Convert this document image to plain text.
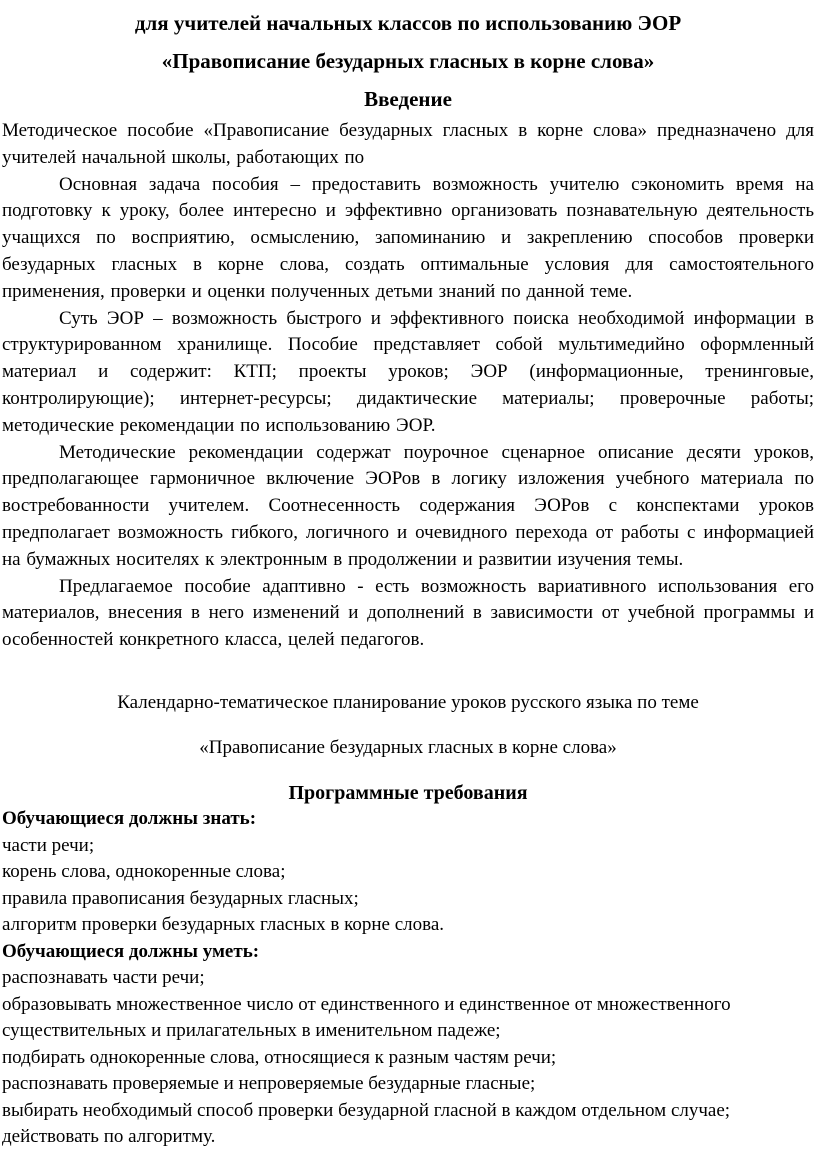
для учителей начальных классов по использованию ЭОР
«Правописание безударных гласных в корне слова»
Введение

Методическое пособие «Правописание безударных гласных в корне слова» предназначено для учителей начальной школы, работающих по

Основная задача пособия – предоставить возможность учителю сэкономить время на подготовку к уроку, более интересно и эффективно организовать познавательную деятельность учащихся по восприятию, осмыслению, запоминанию и закреплению способов проверки безударных гласных в корне слова, создать оптимальные условия для самостоятельного применения, проверки и оценки полученных детьми знаний по данной теме.

Суть ЭОР – возможность быстрого и эффективного поиска необходимой информации в структурированном хранилище. Пособие представляет собой мультимедийно оформленный материал и содержит: КТП; проекты уроков; ЭОР (информационные, тренинговые, контролирующие); интернет-ресурсы; дидактические материалы; проверочные работы; методические рекомендации по использованию ЭОР.

Методические рекомендации содержат поурочное сценарное описание десяти уроков, предполагающее гармоничное включение ЭОРов в логику изложения учебного материала по востребованности учителем. Соотнесенность содержания ЭОРов с конспектами уроков предполагает возможность гибкого, логичного и очевидного перехода от работы с информацией на бумажных носителях к электронным в продолжении и развитии изучения темы.

Предлагаемое пособие адаптивно - есть возможность вариативного использования его материалов, внесения в него изменений и дополнений в зависимости от учебной программы и особенностей конкретного класса, целей педагогов.

Календарно-тематическое планирование уроков русского языка по теме
«Правописание безударных гласных в корне слова»
Программные требования
Обучающиеся должны знать:
части речи;
корень слова, однокоренные слова;
правила правописания безударных гласных;
алгоритм проверки безударных гласных в корне слова.
Обучающиеся должны уметь:
распознавать части речи;
образовывать множественное число от единственного и единственное от множественного существительных и прилагательных в именительном падеже;
подбирать однокоренные слова, относящиеся к разным частям речи;
распознавать проверяемые и непроверяемые безударные гласные;
выбирать необходимый способ проверки безударной гласной в каждом отдельном случае;
действовать по алгоритму.
